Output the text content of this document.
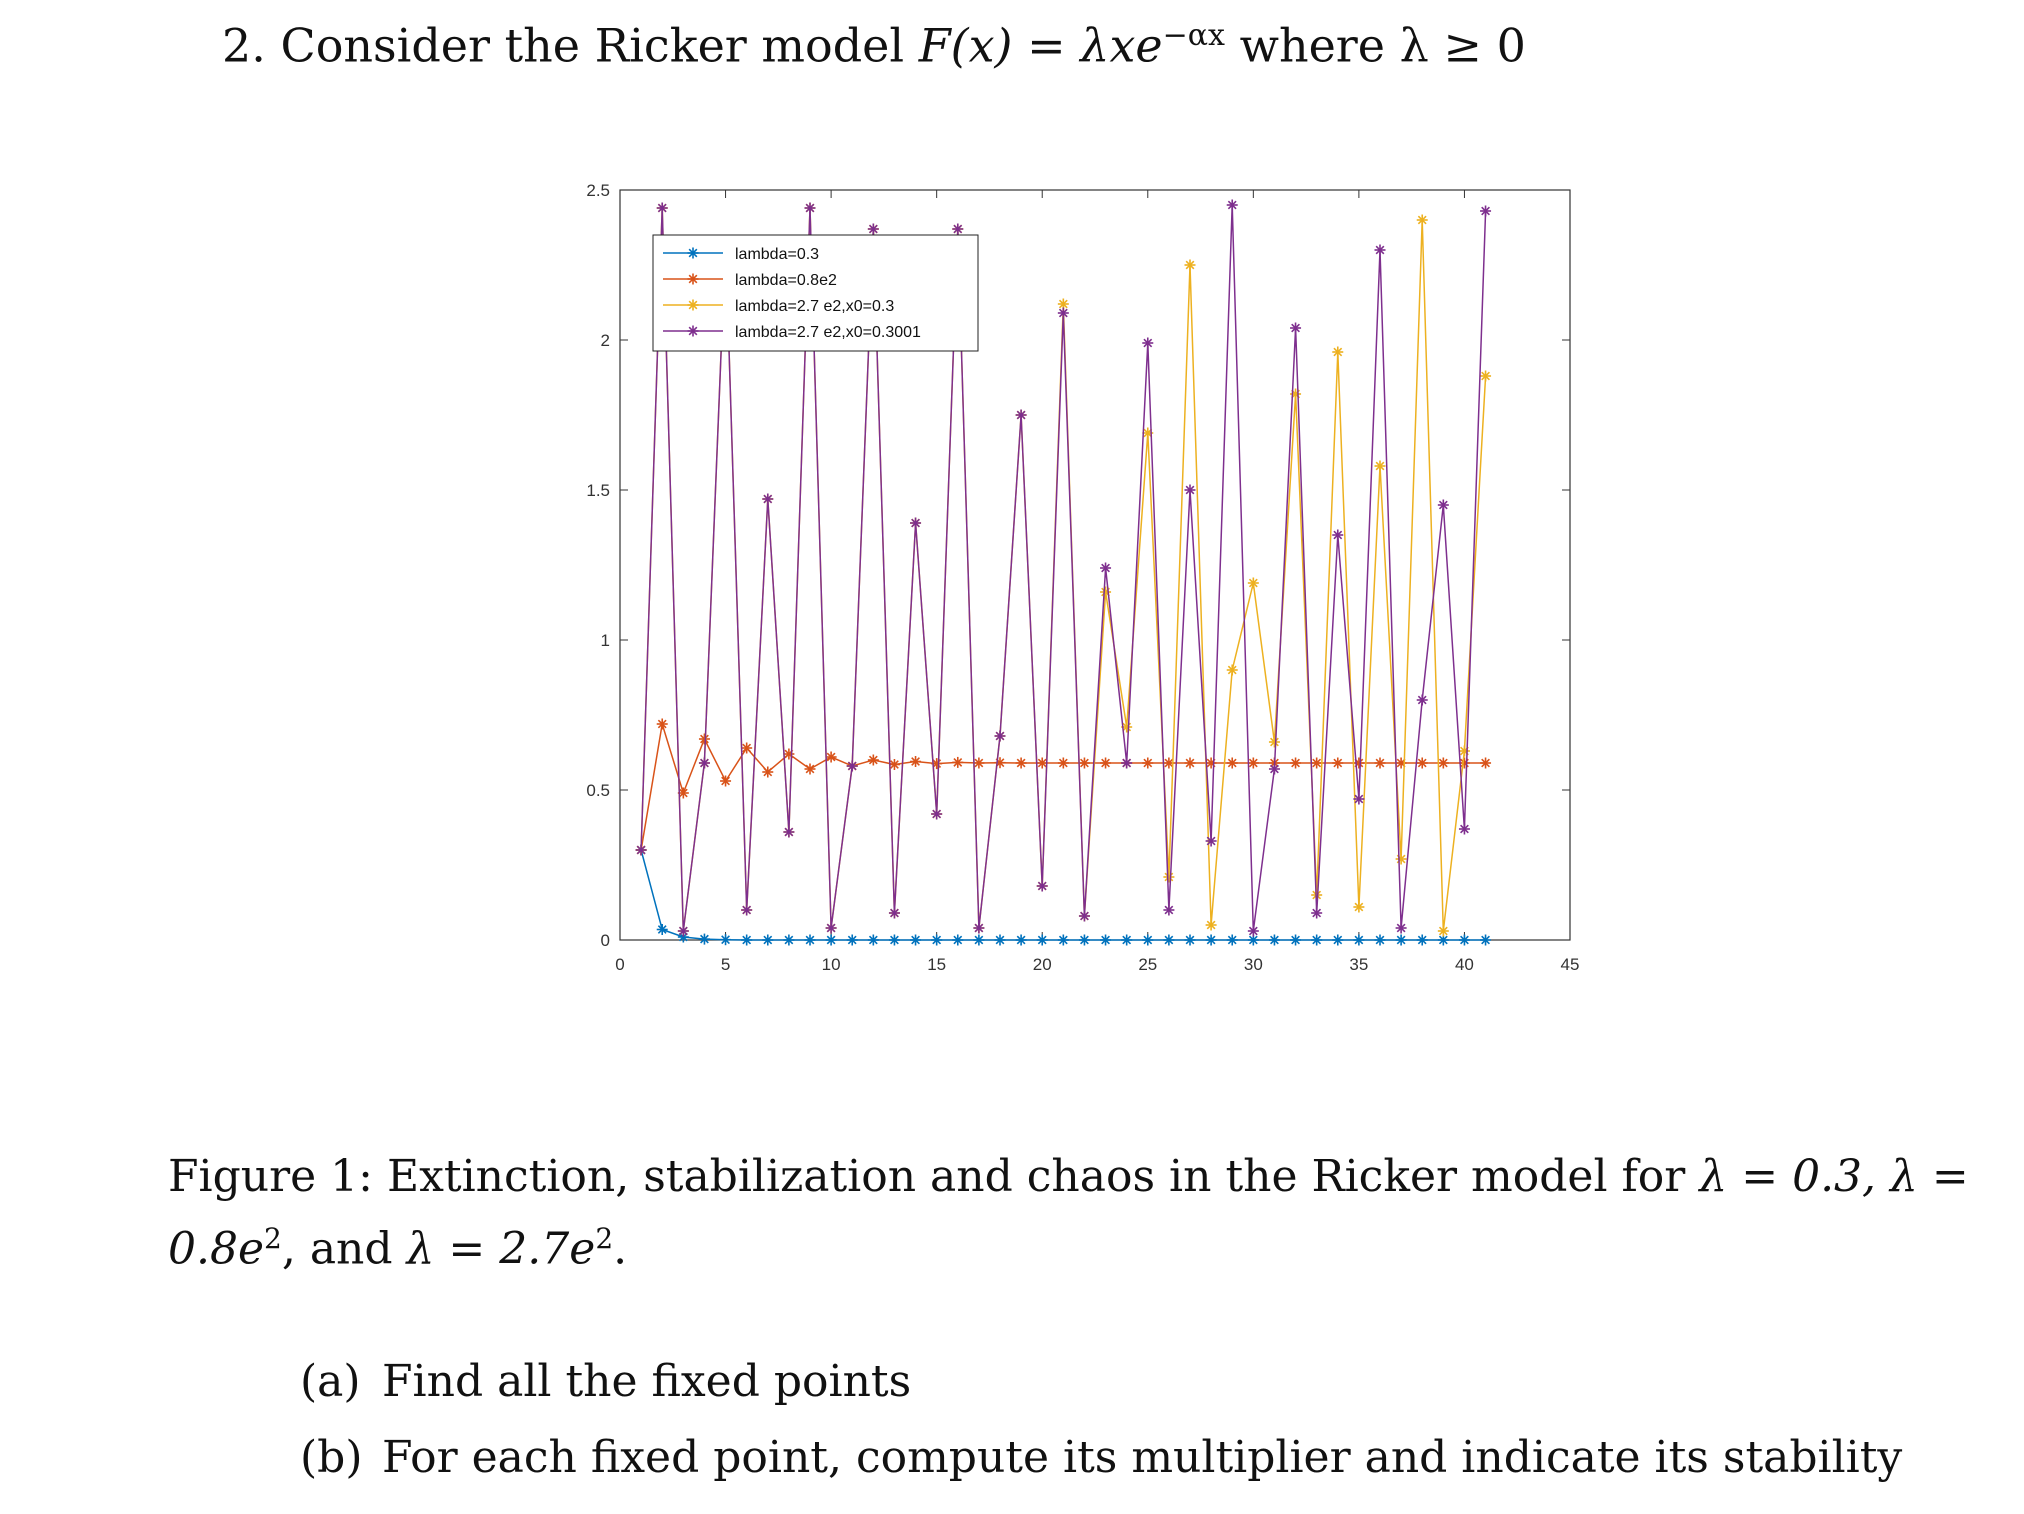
2. Consider the Ricker model F(x) = λxe$^{-\alpha x}$ where λ ≥ 0
0	5	10	15	20	25	30	35	40	45
0
0.5
1
1.5
2
2.5
lambda=0.3
lambda=0.8e2
lambda=2.7 e2,x0=0.3
lambda=2.7 e2,x0=0.3001
Figure 1: Extinction, stabilization and chaos in the Ricker model for λ = 0.3, $\lambda = 0.8e^2$, and $\lambda = 2.7e^2$.
(a) Find all the fixed points
(b) For each fixed point, compute its multiplier and indicate its stability
